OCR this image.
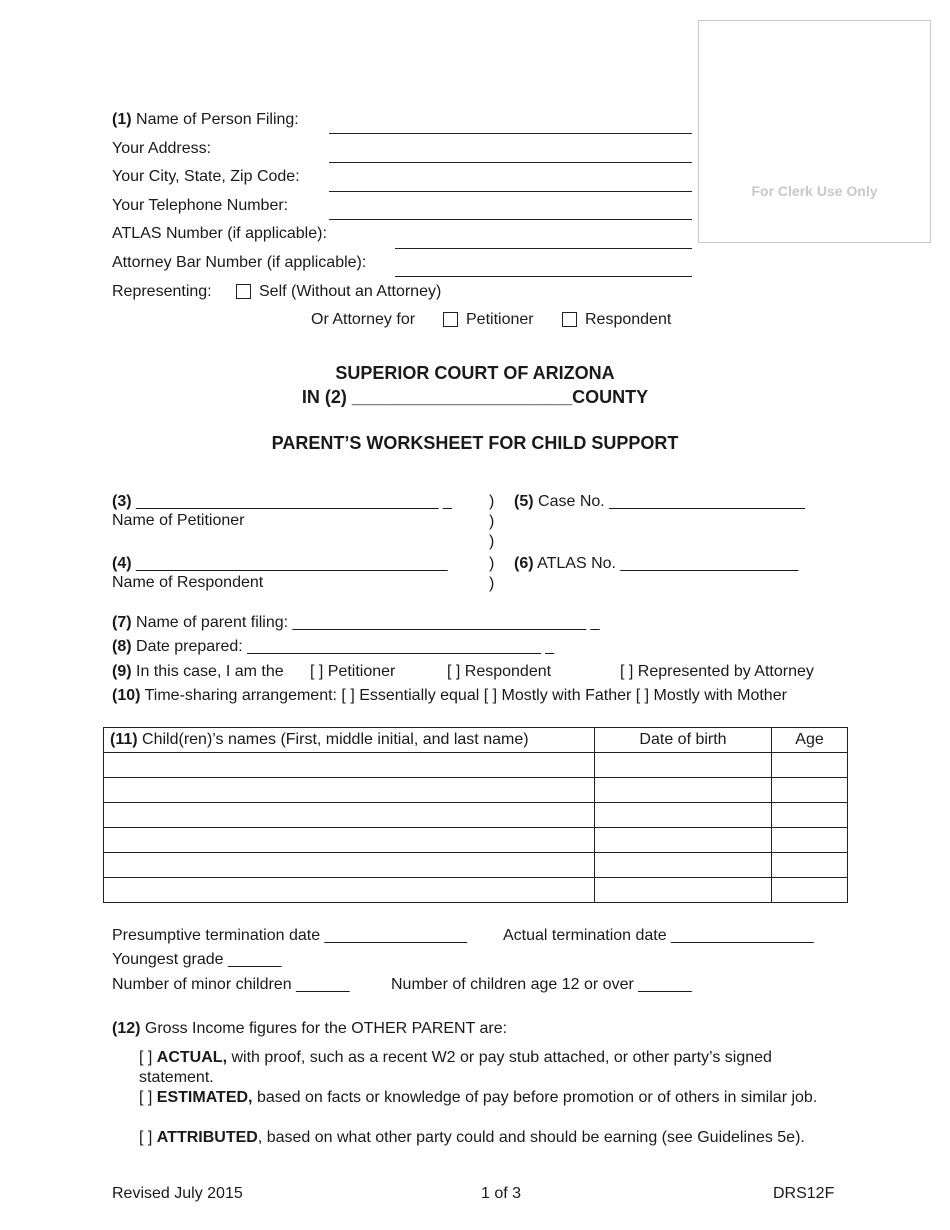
For Clerk Use Only
(1) Name of Person Filing:
Your Address:
Your City, State, Zip Code:
Your Telephone Number:
ATLAS Number (if applicable):
Attorney Bar Number (if applicable):
Representing:	Self (Without an Attorney)
Or Attorney for	Petitioner	Respondent
SUPERIOR COURT OF ARIZONA
IN (2) ______________________COUNTY
PARENT’S WORKSHEET FOR CHILD SUPPORT
(3) __________________________________ _
Name of Petitioner
)
)
)
)
)
(5) Case No. ______________________
(4) ___________________________________
Name of Respondent
(6) ATLAS No. ____________________
(7) Name of parent filing: _________________________________ _
(8) Date prepared: _________________________________ _
(9) In this case, I am the [ ] Petitioner	[ ] Respondent	[ ] Represented by Attorney
(10) Time-sharing arrangement: [ ] Essentially equal [ ] Mostly with Father [ ] Mostly with Mother
(11) Child(ren)’s names (First, middle initial, and last name)	Date of birth	Age

Presumptive termination date ________________ Actual termination date ________________
Youngest grade ______
Number of minor children ______	Number of children age 12 or over ______
(12) Gross Income figures for the OTHER PARENT are:
[ ] ACTUAL, with proof, such as a recent W2 or pay stub attached, or other party’s signed statement.
[ ] ESTIMATED, based on facts or knowledge of pay before promotion or of others in similar job.
[ ] ATTRIBUTED, based on what other party could and should be earning (see Guidelines 5e).
Revised July 2015	1 of 3	DRS12F
